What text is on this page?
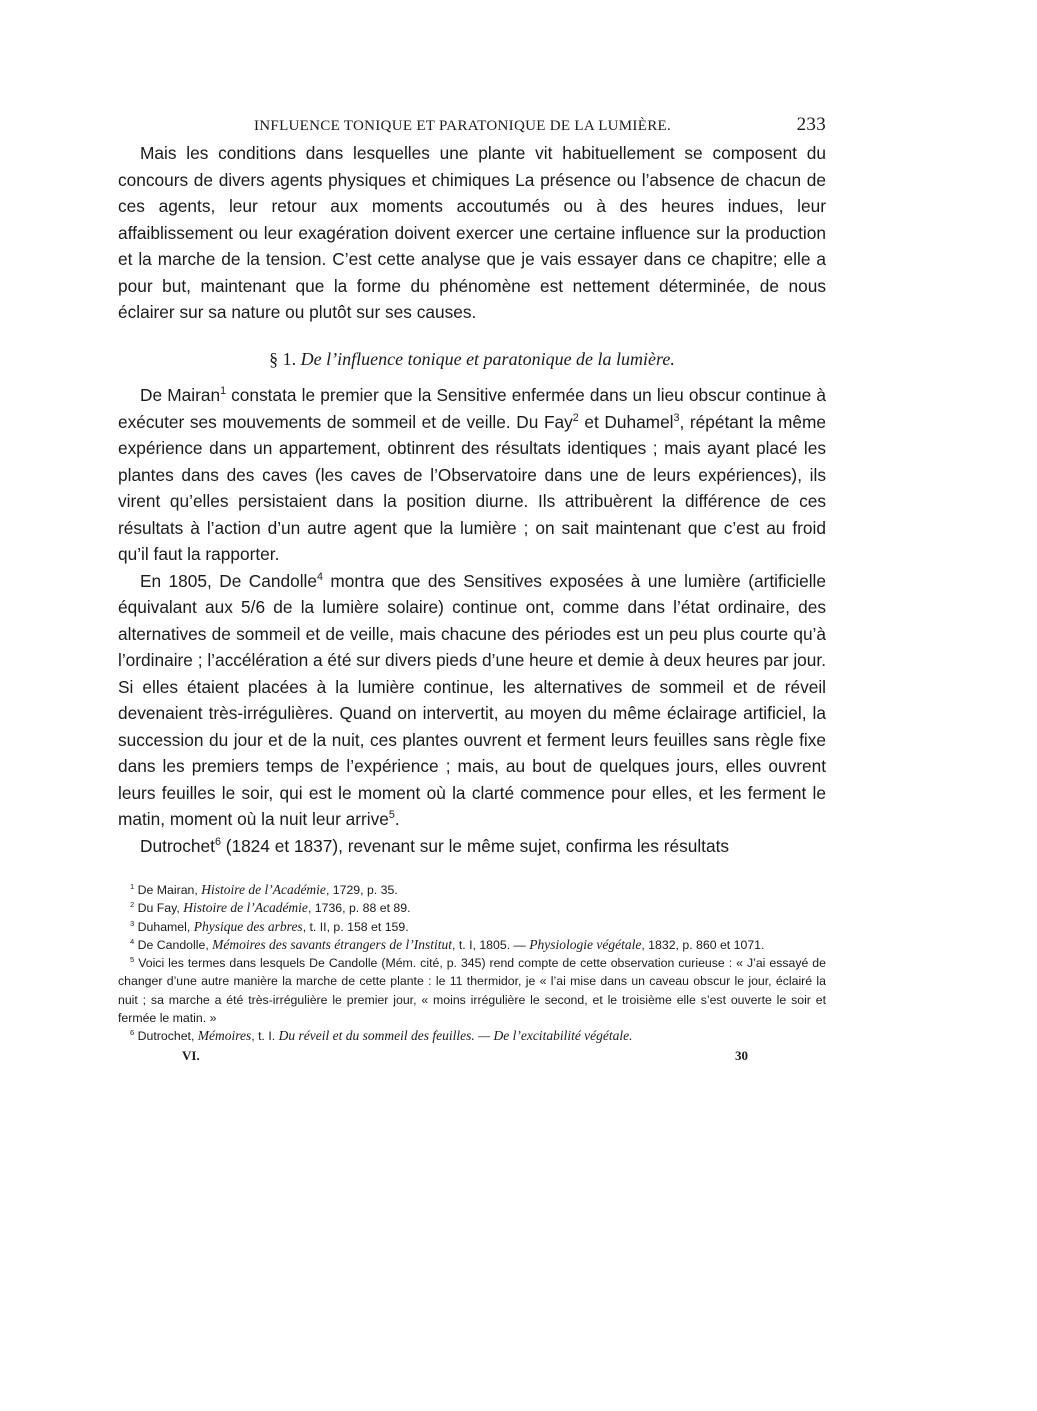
INFLUENCE TONIQUE ET PARATONIQUE DE LA LUMIÈRE.	233

Mais les conditions dans lesquelles une plante vit habituellement se composent du concours de divers agents physiques et chimiques La présence ou l’absence de chacun de ces agents, leur retour aux moments accoutumés ou à des heures indues, leur affaiblissement ou leur exagération doivent exercer une certaine influence sur la production et la marche de la tension. C’est cette analyse que je vais essayer dans ce chapitre; elle a pour but, maintenant que la forme du phénomène est nettement déterminée, de nous éclairer sur sa nature ou plutôt sur ses causes.

§ 1. De l’influence tonique et paratonique de la lumière.

De Mairan$^1$ constata le premier que la Sensitive enfermée dans un lieu obscur continue à exécuter ses mouvements de sommeil et de veille. Du Fay$^2$ et Duhamel$^3$, répétant la même expérience dans un appartement, obtinrent des résultats identiques ; mais ayant placé les plantes dans des caves (les caves de l’Observatoire dans une de leurs expériences), ils virent qu’elles persistaient dans la position diurne. Ils attribuèrent la différence de ces résultats à l’action d’un autre agent que la lumière ; on sait maintenant que c’est au froid qu’il faut la rapporter.

En 1805, De Candolle$^4$ montra que des Sensitives exposées à une lumière (artificielle équivalant aux 5/6 de la lumière solaire) continue ont, comme dans l’état ordinaire, des alternatives de sommeil et de veille, mais chacune des périodes est un peu plus courte qu’à l’ordinaire ; l’accélération a été sur divers pieds d’une heure et demie à deux heures par jour. Si elles étaient placées à la lumière continue, les alternatives de sommeil et de réveil devenaient très-irrégulières. Quand on intervertit, au moyen du même éclairage artificiel, la succession du jour et de la nuit, ces plantes ouvrent et ferment leurs feuilles sans règle fixe dans les premiers temps de l’expérience ; mais, au bout de quelques jours, elles ouvrent leurs feuilles le soir, qui est le moment où la clarté commence pour elles, et les ferment le matin, moment où la nuit leur arrive$^5$.

Dutrochet$^6$ (1824 et 1837), revenant sur le même sujet, confirma les résultats

$^1$ De Mairan, Histoire de l’Académie, 1729, p. 35.

$^2$ Du Fay, Histoire de l’Académie, 1736, p. 88 et 89.

$^3$ Duhamel, Physique des arbres, t. II, p. 158 et 159.

$^4$ De Candolle, Mémoires des savants étrangers de l’Institut, t. I, 1805. — Physiologie végétale, 1832, p. 860 et 1071.

$^5$ Voici les termes dans lesquels De Candolle (Mém. cité, p. 345) rend compte de cette observation curieuse : « J’ai essayé de changer d’une autre manière la marche de cette plante : le 11 thermidor, je « l’ai mise dans un caveau obscur le jour, éclairé la nuit ; sa marche a été très-irrégulière le premier jour, « moins irrégulière le second, et le troisième elle s’est ouverte le soir et fermée le matin. »

$^6$ Dutrochet, Mémoires, t. I. Du réveil et du sommeil des feuilles. — De l’excitabilité végétale.

VI.	30
